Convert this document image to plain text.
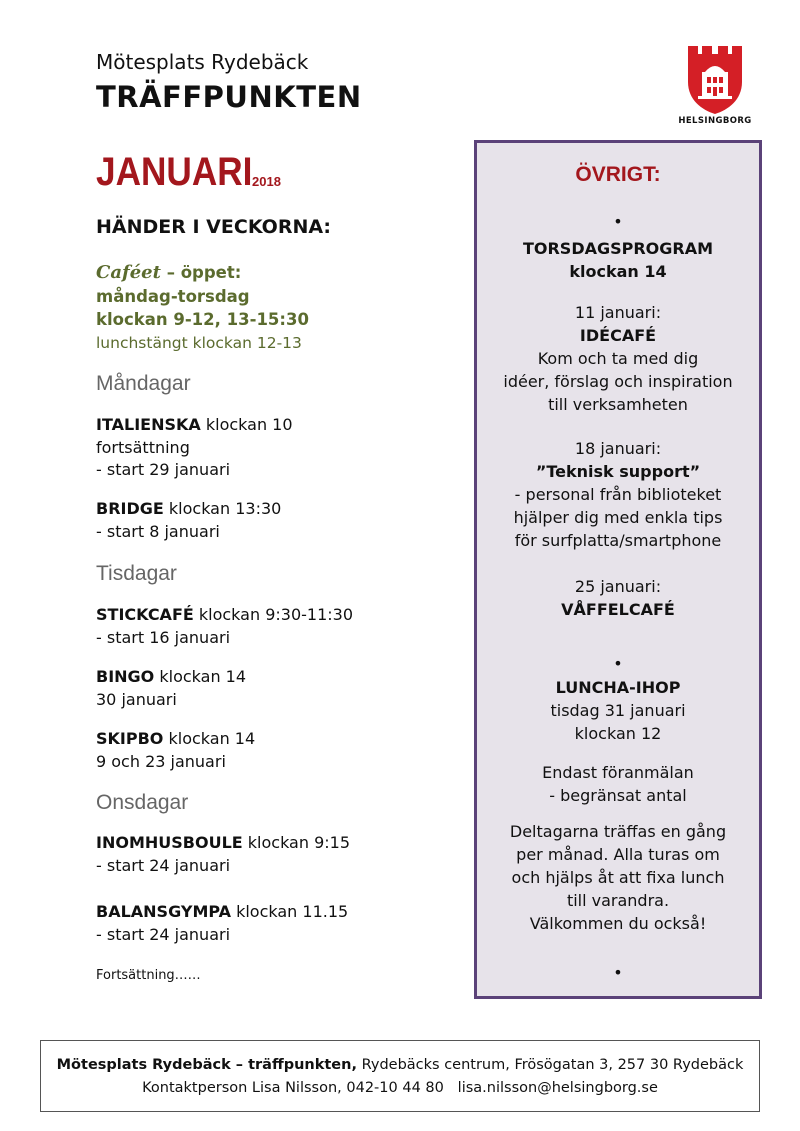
Mötesplats Rydebäck
TRÄFFPUNKTEN
HELSINGBORG
JANUARI 2018
HÄNDER I VECKORNA:
Caféet – öppet:
måndag-torsdag
klockan 9-12, 13-15:30
lunchstängt klockan 12-13
Måndagar
ITALIENSKA klockan 10
fortsättning
- start 29 januari
BRIDGE klockan 13:30
- start 8 januari
Tisdagar
STICKCAFÉ klockan 9:30-11:30
- start 16 januari
BINGO klockan 14
30 januari
SKIPBO klockan 14
9 och 23 januari
Onsdagar
INOMHUSBOULE klockan 9:15
- start 24 januari
BALANSGYMPA klockan 11.15
- start 24 januari
Fortsättning……
ÖVRIGT:
•
TORSDAGSPROGRAM
klockan 14
11 januari:
IDÉCAFÉ
Kom och ta med dig
idéer, förslag och inspiration
till verksamheten
18 januari:
”Teknisk support”
- personal från biblioteket
hjälper dig med enkla tips
för surfplatta/smartphone
25 januari:
VÅFFELCAFÉ
•
LUNCHA-IHOP
tisdag 31 januari
klockan 12
Endast föranmälan
- begränsat antal
Deltagarna träffas en gång
per månad. Alla turas om
och hjälps åt att fixa lunch
till varandra.
Välkommen du också!
•
Mötesplats Rydebäck – träffpunkten, Rydebäcks centrum, Frösögatan 3, 257 30 Rydebäck
Kontaktperson Lisa Nilsson, 042-10 44 80   lisa.nilsson@helsingborg.se
